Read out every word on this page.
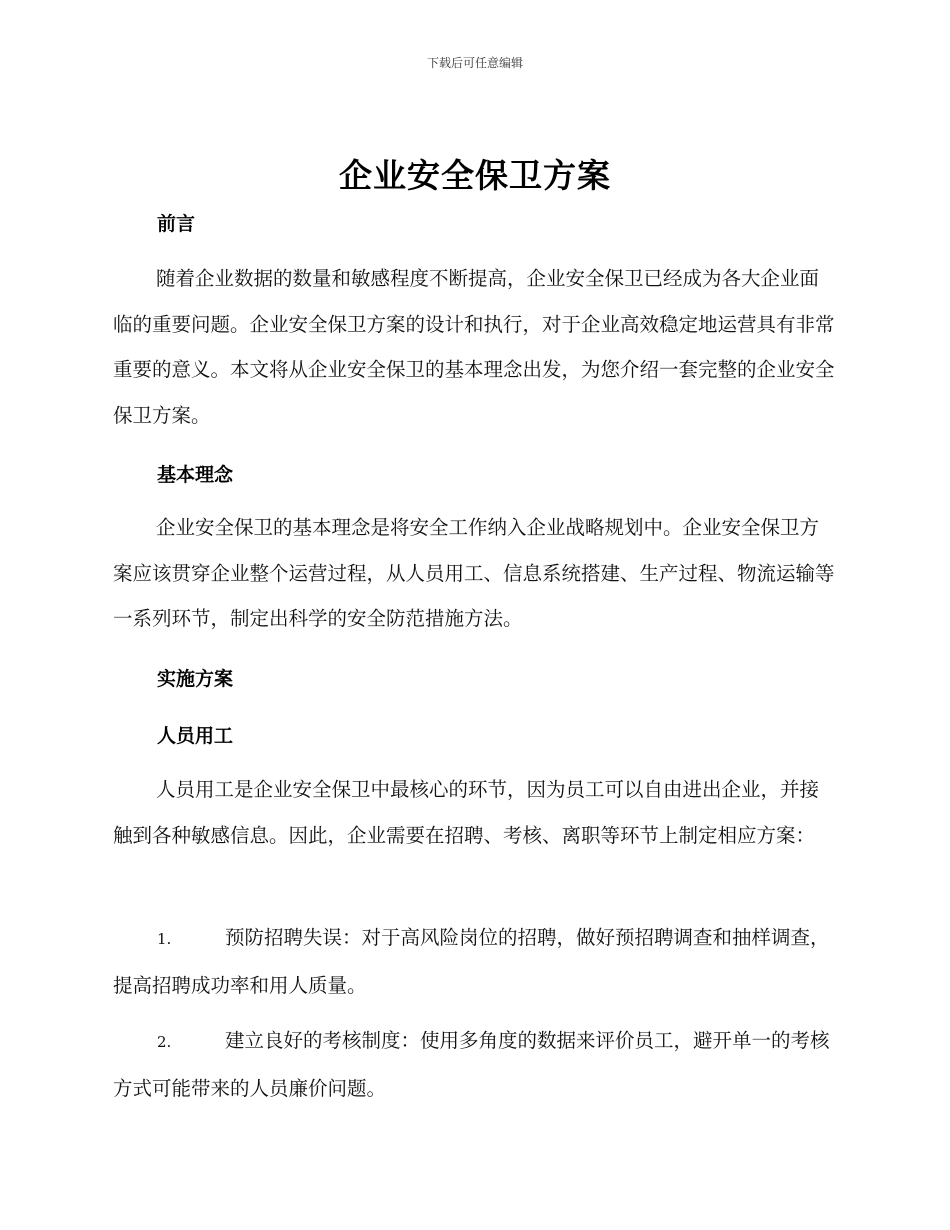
下载后可任意编辑
企业安全保卫方案
前言

随着企业数据的数量和敏感程度不断提高，企业安全保卫已经成为各大企业面临的重要问题。企业安全保卫方案的设计和执行，对于企业高效稳定地运营具有非常重要的意义。本文将从企业安全保卫的基本理念出发，为您介绍一套完整的企业安全保卫方案。

基本理念

企业安全保卫的基本理念是将安全工作纳入企业战略规划中。企业安全保卫方案应该贯穿企业整个运营过程，从人员用工、信息系统搭建、生产过程、物流运输等一系列环节，制定出科学的安全防范措施方法。

实施方案
人员用工

人员用工是企业安全保卫中最核心的环节，因为员工可以自由进出企业，并接触到各种敏感信息。因此，企业需要在招聘、考核、离职等环节上制定相应方案：

1.	预防招聘失误：对于高风险岗位的招聘，做好预招聘调查和抽样调查，提高招聘成功率和用人质量。

2.	建立良好的考核制度：使用多角度的数据来评价员工，避开单一的考核方式可能带来的人员廉价问题。
